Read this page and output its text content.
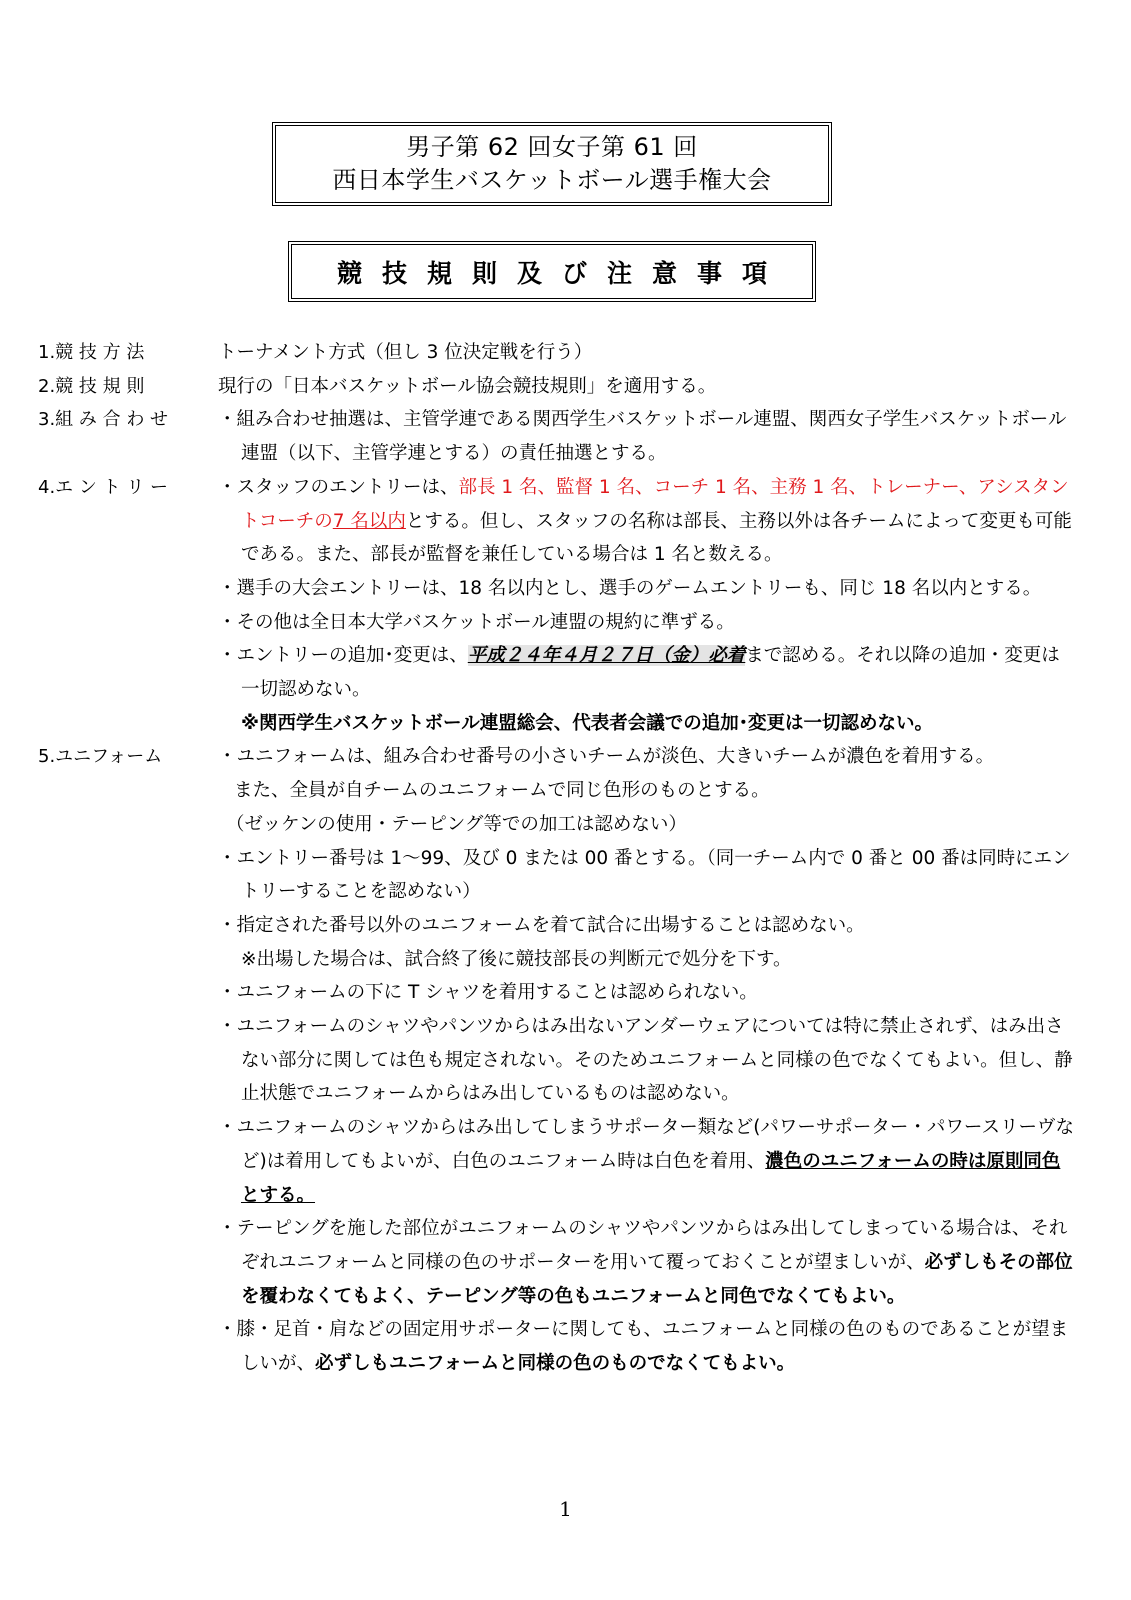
男子第 62 回女子第 61 回
西日本学生バスケットボール選手権大会
競技規則及び注意事項
1.競 技 方 法	トーナメント方式（但し 3 位決定戦を行う）
2.競 技 規 則	現行の「日本バスケットボール協会競技規則」を適用する。
3.組 み 合 わ せ	・組み合わせ抽選は、主管学連である関西学生バスケットボール連盟、関西女子学生バスケットボール連盟（以下、主管学連とする）の責任抽選とする。
4.エ ン ト リ ー	・スタッフのエントリーは、部長 1 名、監督 1 名、コーチ 1 名、主務 1 名、トレーナー、アシスタントコーチの7 名以内とする。但し、スタッフの名称は部長、主務以外は各チームによって変更も可能である。また、部長が監督を兼任している場合は 1 名と数える。
・選手の大会エントリーは、18 名以内とし、選手のゲームエントリーも、同じ 18 名以内とする。
・その他は全日本大学バスケットボール連盟の規約に準ずる。
・エントリーの追加･変更は、平成２４年４月２７日（金）必着まで認める。それ以降の追加・変更は一切認めない。
※関西学生バスケットボール連盟総会、代表者会議での追加･変更は一切認めない。
5.ユニフォーム	・ユニフォームは、組み合わせ番号の小さいチームが淡色、大きいチームが濃色を着用する。
また、全員が自チームのユニフォームで同じ色形のものとする。
（ゼッケンの使用・テーピング等での加工は認めない）
・エントリー番号は 1～99、及び 0 または 00 番とする。（同一チーム内で 0 番と 00 番は同時にエントリーすることを認めない）
・指定された番号以外のユニフォームを着て試合に出場することは認めない。
※出場した場合は、試合終了後に競技部長の判断元で処分を下す。
・ユニフォームの下に T シャツを着用することは認められない。
・ユニフォームのシャツやパンツからはみ出ないアンダーウェアについては特に禁止されず、はみ出さない部分に関しては色も規定されない。そのためユニフォームと同様の色でなくてもよい。但し、静止状態でユニフォームからはみ出しているものは認めない。
・ユニフォームのシャツからはみ出してしまうサポーター類など(パワーサポーター・パワースリーヴなど)は着用してもよいが、白色のユニフォーム時は白色を着用、濃色のユニフォームの時は原則同色とする。
・テーピングを施した部位がユニフォームのシャツやパンツからはみ出してしまっている場合は、それぞれユニフォームと同様の色のサポーターを用いて覆っておくことが望ましいが、必ずしもその部位を覆わなくてもよく、テーピング等の色もユニフォームと同色でなくてもよい。
・膝・足首・肩などの固定用サポーターに関しても、ユニフォームと同様の色のものであることが望ましいが、必ずしもユニフォームと同様の色のものでなくてもよい。
1
